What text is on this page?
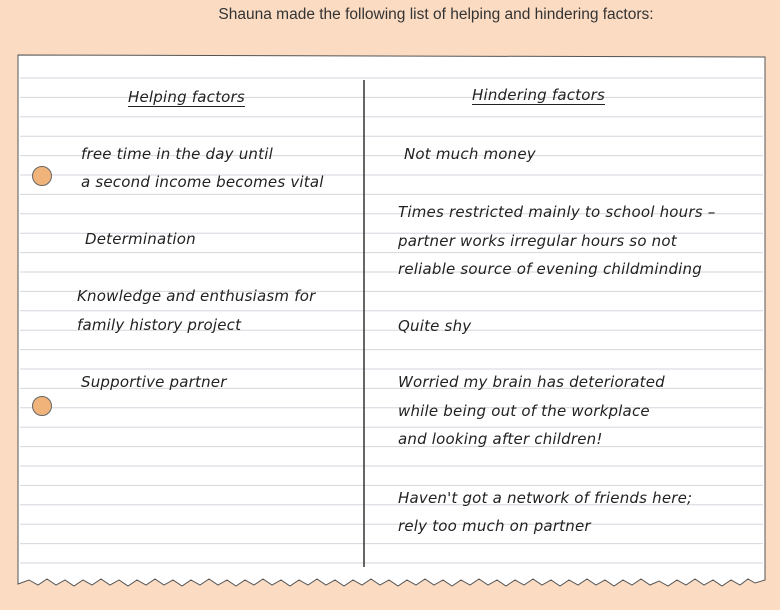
Shauna made the following list of helping and hindering factors:

Helping factors

free time in the day until

a second income becomes vital

Determination

Knowledge and enthusiasm for

family history project

Supportive partner

Hindering factors

Not much money

Times restricted mainly to school hours –

partner works irregular hours so not

reliable source of evening childminding

Quite shy

Worried my brain has deteriorated

while being out of the workplace

and looking after children!

Haven't got a network of friends here;

rely too much on partner
